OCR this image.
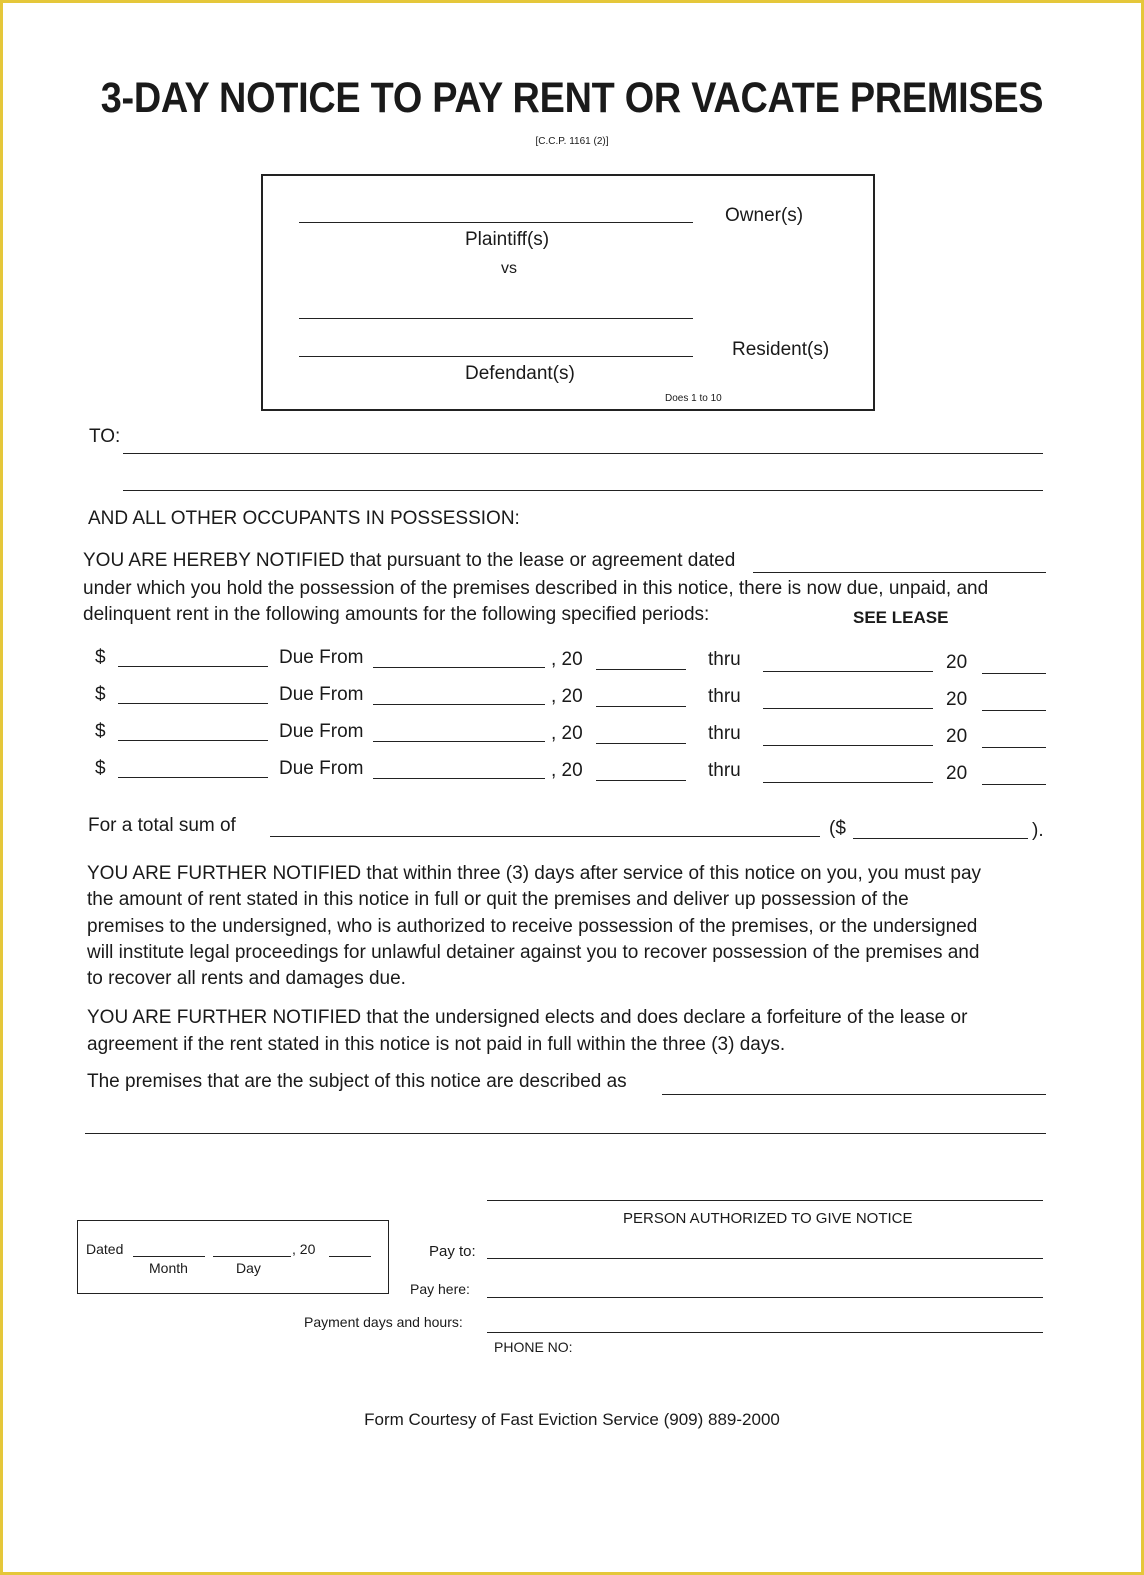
3-DAY NOTICE TO PAY RENT OR VACATE PREMISES
[C.C.P. 1161 (2)]
Owner(s)
Plaintiff(s)
vs
Resident(s)
Defendant(s)
Does 1 to 10
TO:
AND ALL OTHER OCCUPANTS IN POSSESSION:
YOU ARE HEREBY NOTIFIED that pursuant to the lease or agreement dated
under which you hold the possession of the premises described in this notice, there is now due, unpaid, and
delinquent rent in the following amounts for the following specified periods:	SEE LEASE
$	Due From	, 20	thru	20
$	Due From	, 20	thru	20
$	Due From	, 20	thru	20
$	Due From	, 20	thru	20
For a total sum of	($	).
YOU ARE FURTHER NOTIFIED that within three (3) days after service of this notice on you, you must pay
the amount of rent stated in this notice in full or quit the premises and deliver up possession of the
premises to the undersigned, who is authorized to receive possession of the premises, or the undersigned
will institute legal proceedings for unlawful detainer against you to recover possession of the premises and
to recover all rents and damages due.
YOU ARE FURTHER NOTIFIED that the undersigned elects and does declare a forfeiture of the lease or
agreement if the rent stated in this notice is not paid in full within the three (3) days.
The premises that are the subject of this notice are described as
PERSON AUTHORIZED TO GIVE NOTICE
Pay to:
Pay here:
Payment days and hours:
PHONE NO:
Dated	, 20
Month	Day
Form Courtesy of Fast Eviction Service (909) 889-2000
